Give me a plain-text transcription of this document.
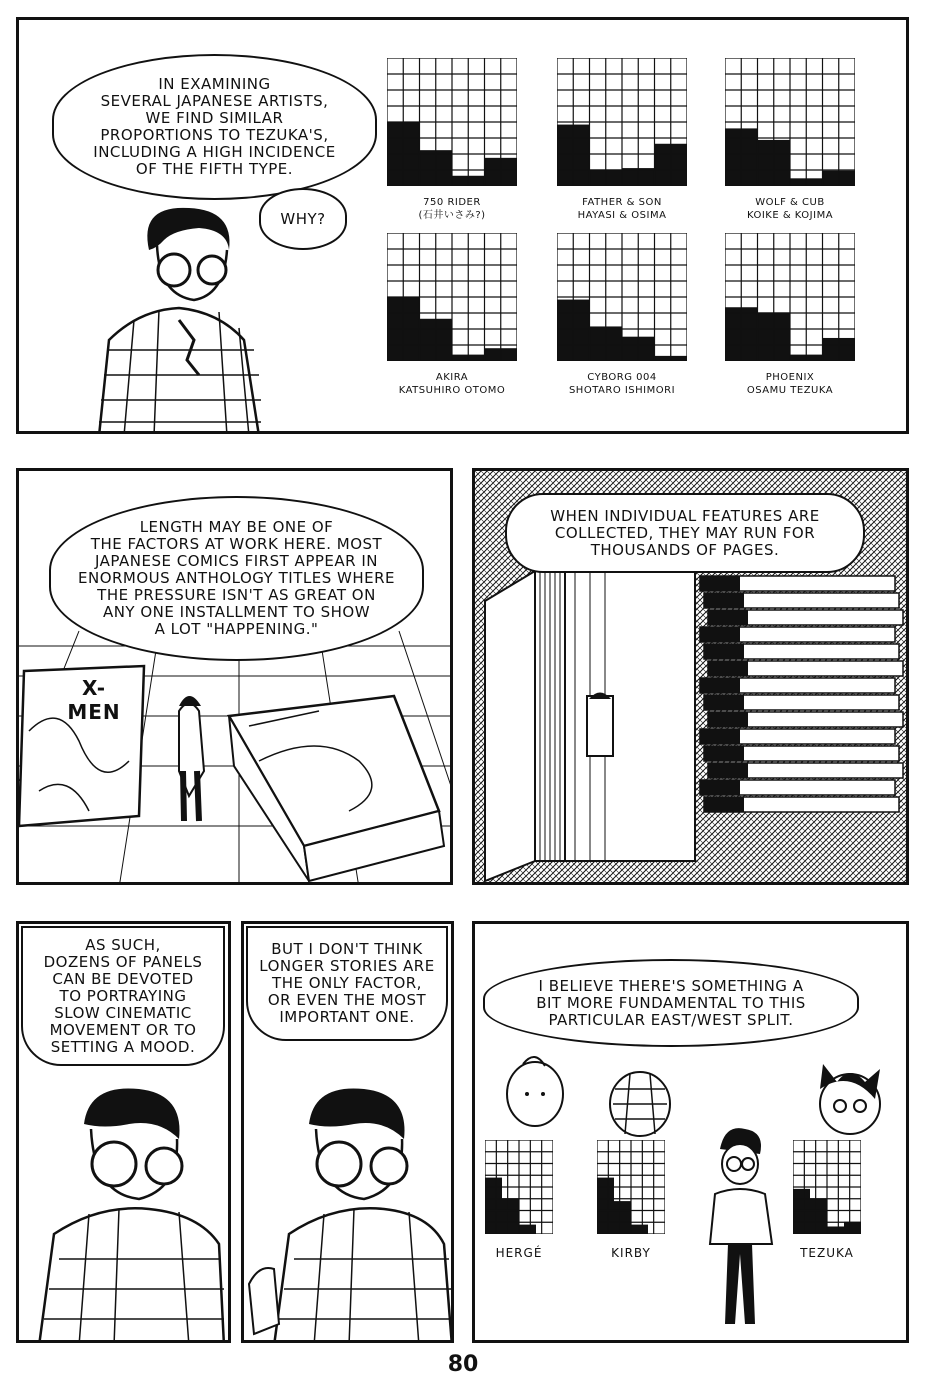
IN EXAMINING
SEVERAL JAPANESE ARTISTS,
WE FIND SIMILAR
PROPORTIONS TO TEZUKA'S,
INCLUDING A HIGH INCIDENCE
OF THE FIFTH TYPE.
WHY?
750 RIDER
(石井いさみ?)
FATHER & SON
HAYASI & OSIMA
WOLF & CUB
KOIKE & KOJIMA
AKIRA
KATSUHIRO OTOMO
CYBORG 004
SHOTARO ISHIMORI
PHOENIX
OSAMU TEZUKA
X-MEN
LENGTH MAY BE ONE OF
THE FACTORS AT WORK HERE. MOST
JAPANESE COMICS FIRST APPEAR IN
ENORMOUS ANTHOLOGY TITLES WHERE
THE PRESSURE ISN'T AS GREAT ON
ANY ONE INSTALLMENT TO SHOW
A LOT "HAPPENING."
WHEN INDIVIDUAL FEATURES ARE
COLLECTED, THEY MAY RUN FOR
THOUSANDS OF PAGES.
AS SUCH,
DOZENS OF PANELS
CAN BE DEVOTED
TO PORTRAYING
SLOW CINEMATIC
MOVEMENT OR TO
SETTING A MOOD.
BUT I DON'T THINK
LONGER STORIES ARE
THE ONLY FACTOR,
OR EVEN THE MOST
IMPORTANT ONE.
I BELIEVE THERE'S SOMETHING A
BIT MORE FUNDAMENTAL TO THIS
PARTICULAR EAST/WEST SPLIT.
HERGÉ	KIRBY	TEZUKA
80
